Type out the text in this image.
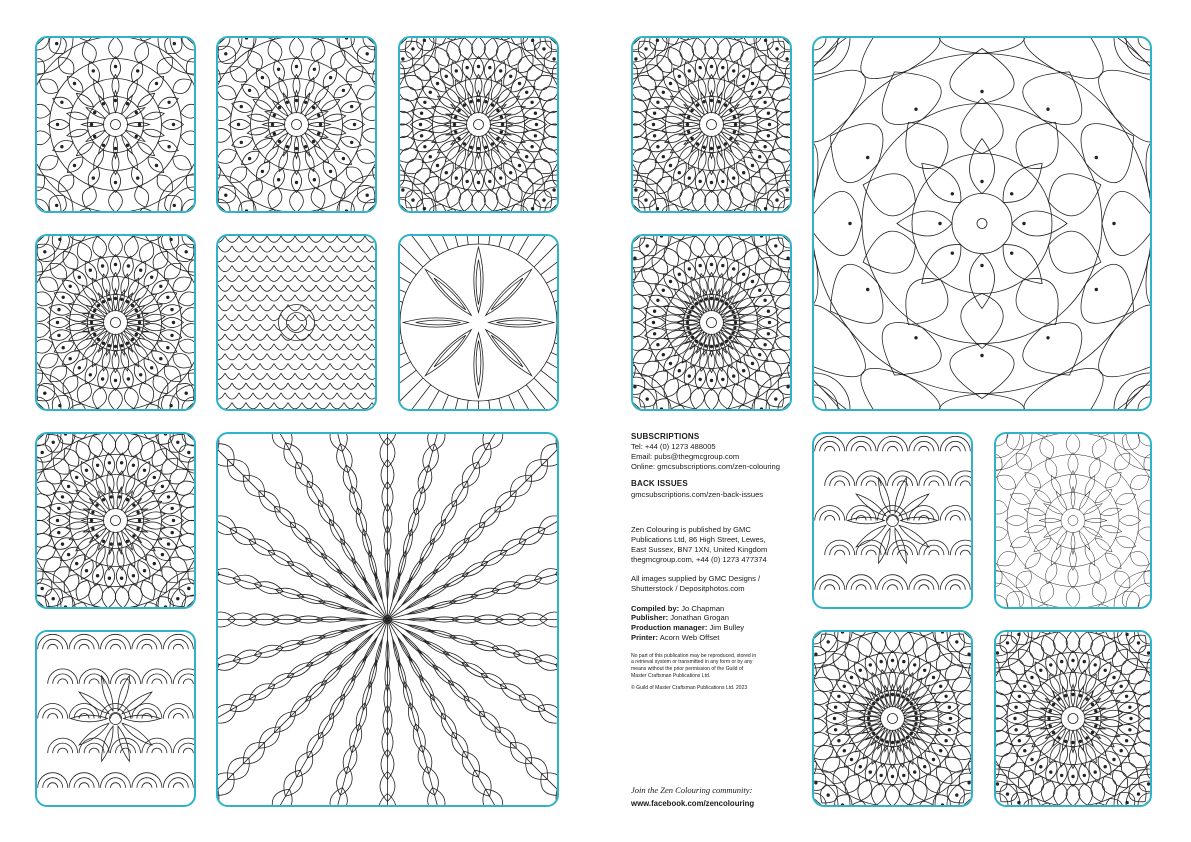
SUBSCRIPTIONS
Tel: +44 (0) 1273 488005
Email: pubs@thegmcgroup.com
Online: gmcsubscriptions.com/zen-colouring
BACK ISSUES
gmcsubscriptions.com/zen-back-issues
Zen Colouring is published by GMC
Publications Ltd, 86 High Street, Lewes,
East Sussex, BN7 1XN, United Kingdom
thegmcgroup.com, +44 (0) 1273 477374
All images supplied by GMC Designs /
Shutterstock / Depositphotos.com
Compiled by: Jo Chapman
Publisher: Jonathan Grogan
Production manager: Jim Bulley
Printer: Acorn Web Offset
No part of this publication may be reproduced, stored in
a retrieval system or transmitted in any form or by any
means without the prior permission of the Guild of
Master Craftsman Publications Ltd.
© Guild of Master Craftsman Publications Ltd. 2023
Join the Zen Colouring community:
www.facebook.com/zencolouring
